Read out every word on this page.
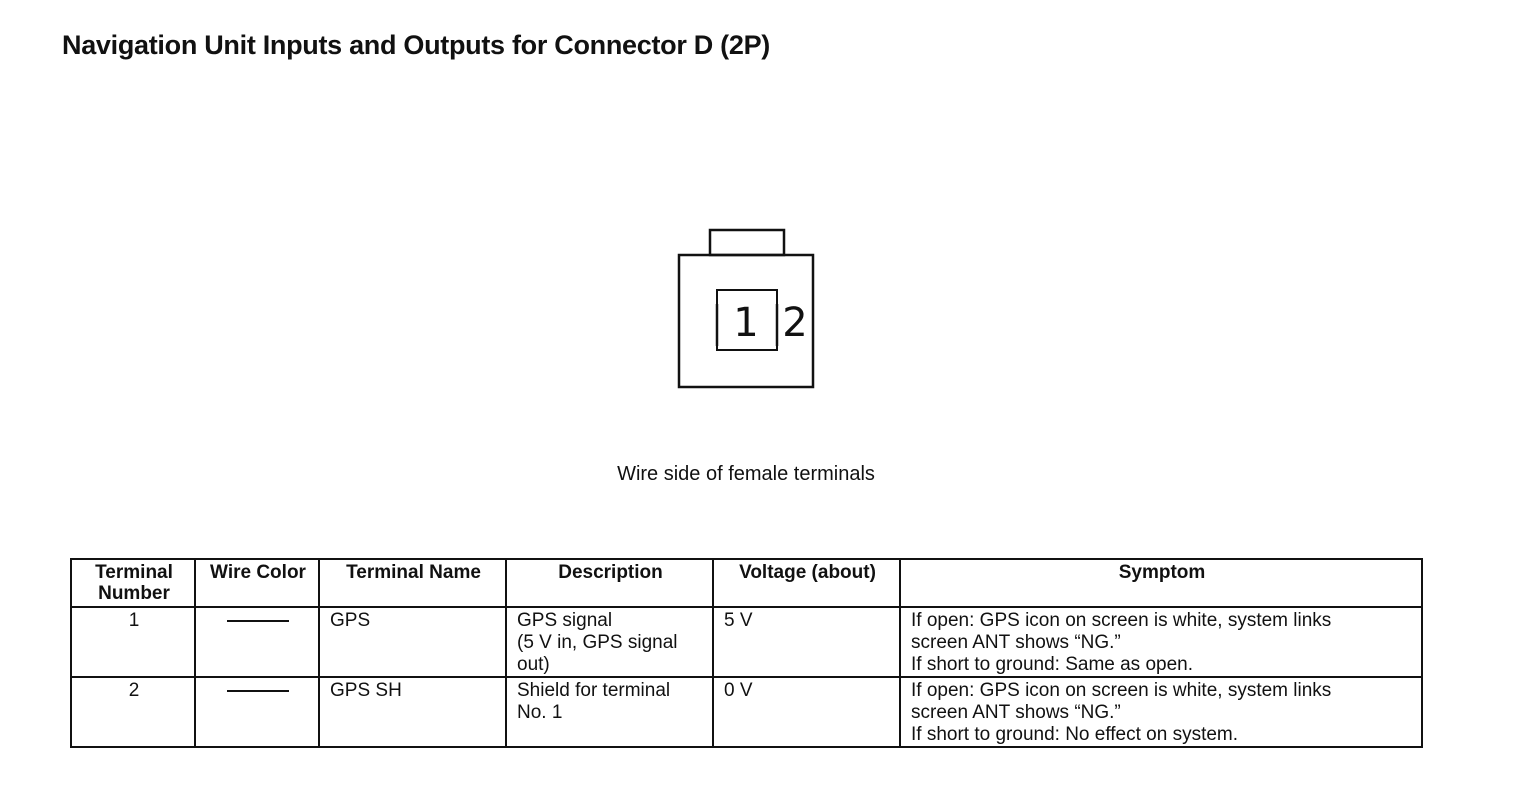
Navigation Unit Inputs and Outputs for Connector D (2P)
1 2
Wire side of female terminals
Terminal
Number	Wire Color	Terminal Name	Description	Voltage (about)	Symptom
1		GPS	GPS signal
(5 V in, GPS signal
out)	5 V	If open: GPS icon on screen is white, system links
screen ANT shows “NG.”
If short to ground: Same as open.
2		GPS SH	Shield for terminal
No. 1	0 V	If open: GPS icon on screen is white, system links
screen ANT shows “NG.”
If short to ground: No effect on system.
